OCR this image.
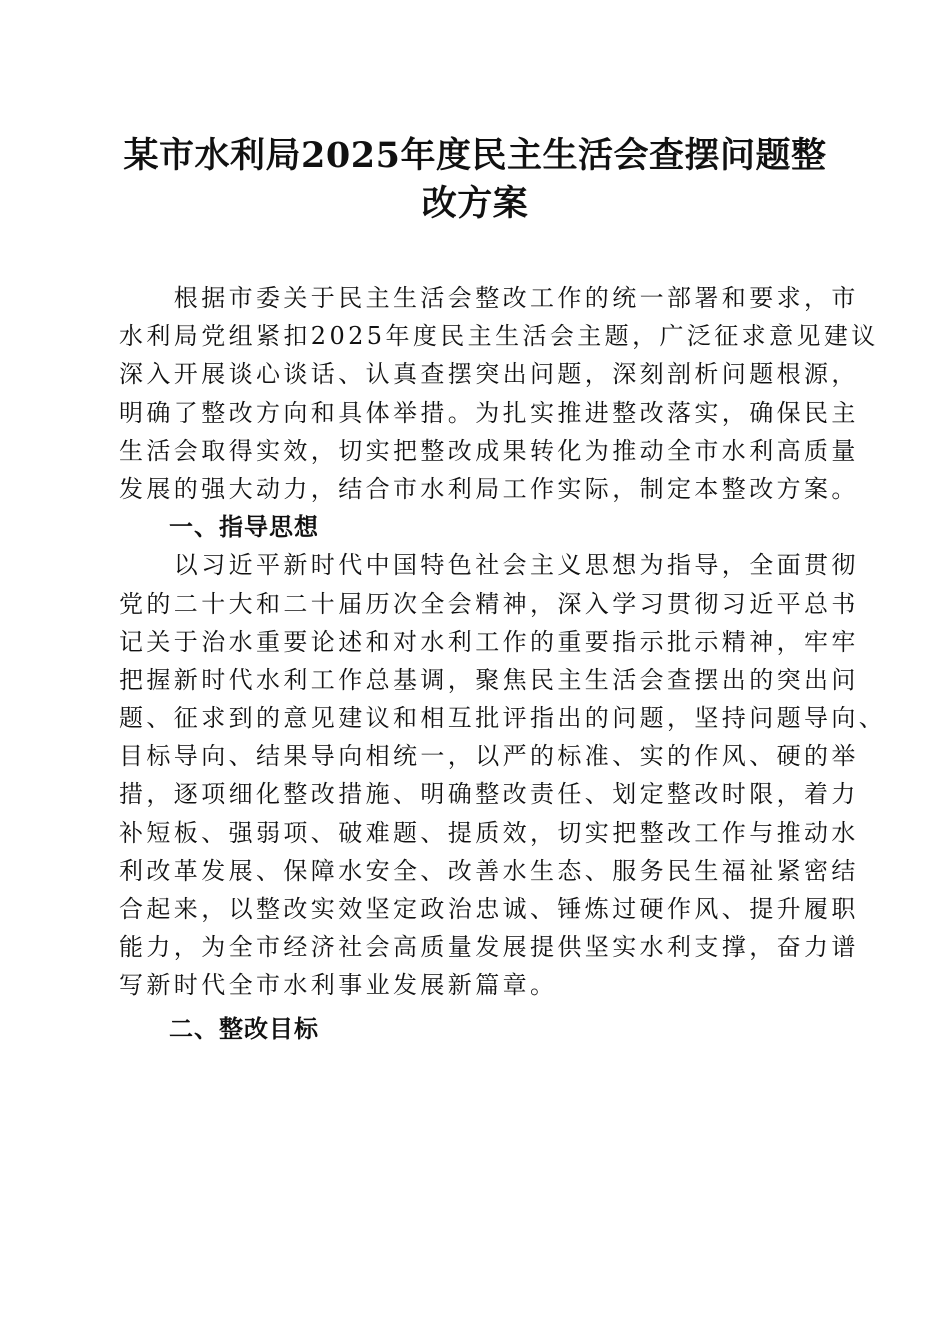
某市水利局2025年度民主生活会查摆问题整
改方案
　　根据市委关于民主生活会整改工作的统一部署和要求，市
水利局党组紧扣2025年度民主生活会主题，广泛征求意见建议
深入开展谈心谈话、认真查摆突出问题，深刻剖析问题根源，
明确了整改方向和具体举措。为扎实推进整改落实，确保民主
生活会取得实效，切实把整改成果转化为推动全市水利高质量
发展的强大动力，结合市水利局工作实际，制定本整改方案。
　　一、指导思想
　　以习近平新时代中国特色社会主义思想为指导，全面贯彻
党的二十大和二十届历次全会精神，深入学习贯彻习近平总书
记关于治水重要论述和对水利工作的重要指示批示精神，牢牢
把握新时代水利工作总基调，聚焦民主生活会查摆出的突出问
题、征求到的意见建议和相互批评指出的问题，坚持问题导向、
目标导向、结果导向相统一，以严的标准、实的作风、硬的举
措，逐项细化整改措施、明确整改责任、划定整改时限，着力
补短板、强弱项、破难题、提质效，切实把整改工作与推动水
利改革发展、保障水安全、改善水生态、服务民生福祉紧密结
合起来，以整改实效坚定政治忠诚、锤炼过硬作风、提升履职
能力，为全市经济社会高质量发展提供坚实水利支撑，奋力谱
写新时代全市水利事业发展新篇章。
　　二、整改目标
